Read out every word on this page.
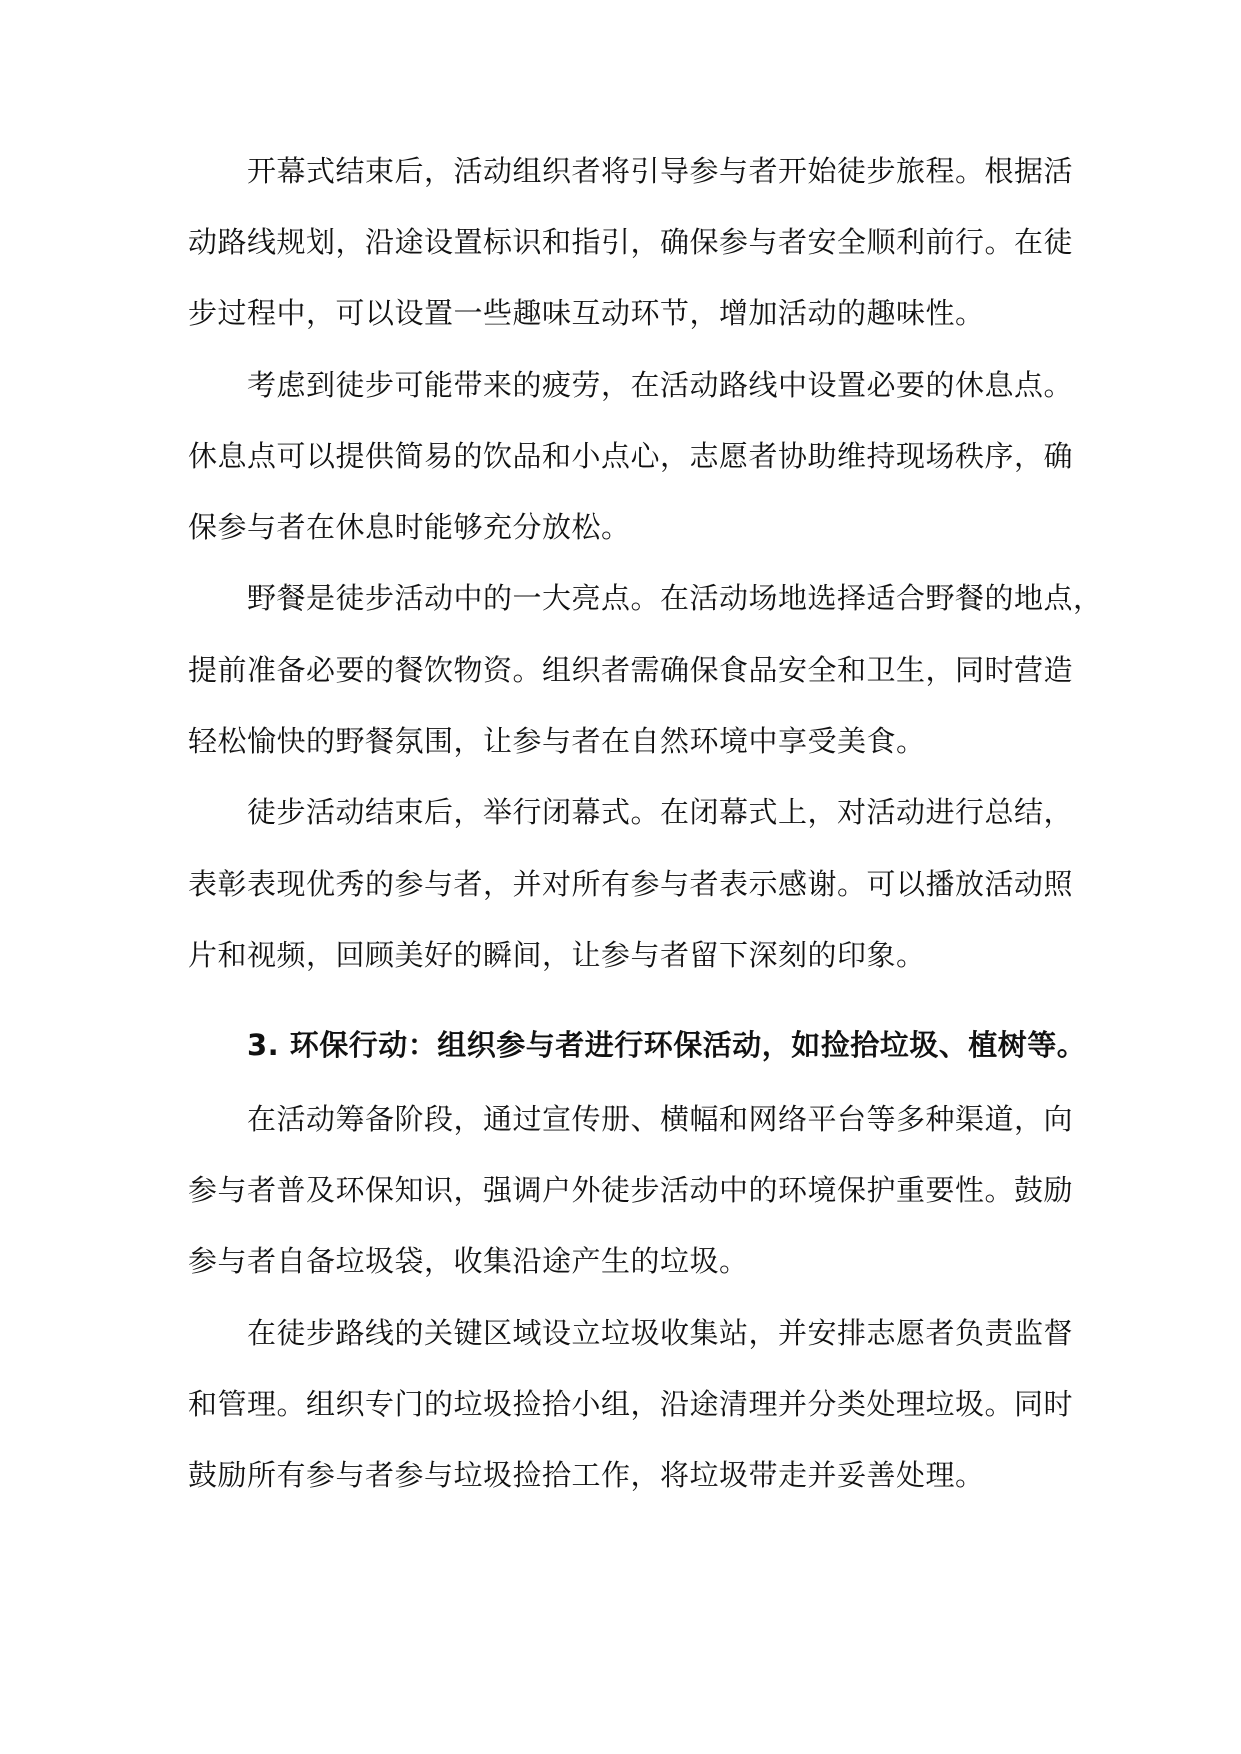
开幕式结束后，活动组织者将引导参与者开始徒步旅程。根据活
动路线规划，沿途设置标识和指引，确保参与者安全顺利前行。在徒
步过程中，可以设置一些趣味互动环节，增加活动的趣味性。
考虑到徒步可能带来的疲劳，在活动路线中设置必要的休息点。
休息点可以提供简易的饮品和小点心，志愿者协助维持现场秩序，确
保参与者在休息时能够充分放松。
野餐是徒步活动中的一大亮点。在活动场地选择适合野餐的地点，
提前准备必要的餐饮物资。组织者需确保食品安全和卫生，同时营造
轻松愉快的野餐氛围，让参与者在自然环境中享受美食。
徒步活动结束后，举行闭幕式。在闭幕式上，对活动进行总结，
表彰表现优秀的参与者，并对所有参与者表示感谢。可以播放活动照
片和视频，回顾美好的瞬间，让参与者留下深刻的印象。
3. 环保行动：组织参与者进行环保活动，如捡拾垃圾、植树等。
在活动筹备阶段，通过宣传册、横幅和网络平台等多种渠道，向
参与者普及环保知识，强调户外徒步活动中的环境保护重要性。鼓励
参与者自备垃圾袋，收集沿途产生的垃圾。
在徒步路线的关键区域设立垃圾收集站，并安排志愿者负责监督
和管理。组织专门的垃圾捡拾小组，沿途清理并分类处理垃圾。同时
鼓励所有参与者参与垃圾捡拾工作，将垃圾带走并妥善处理。
